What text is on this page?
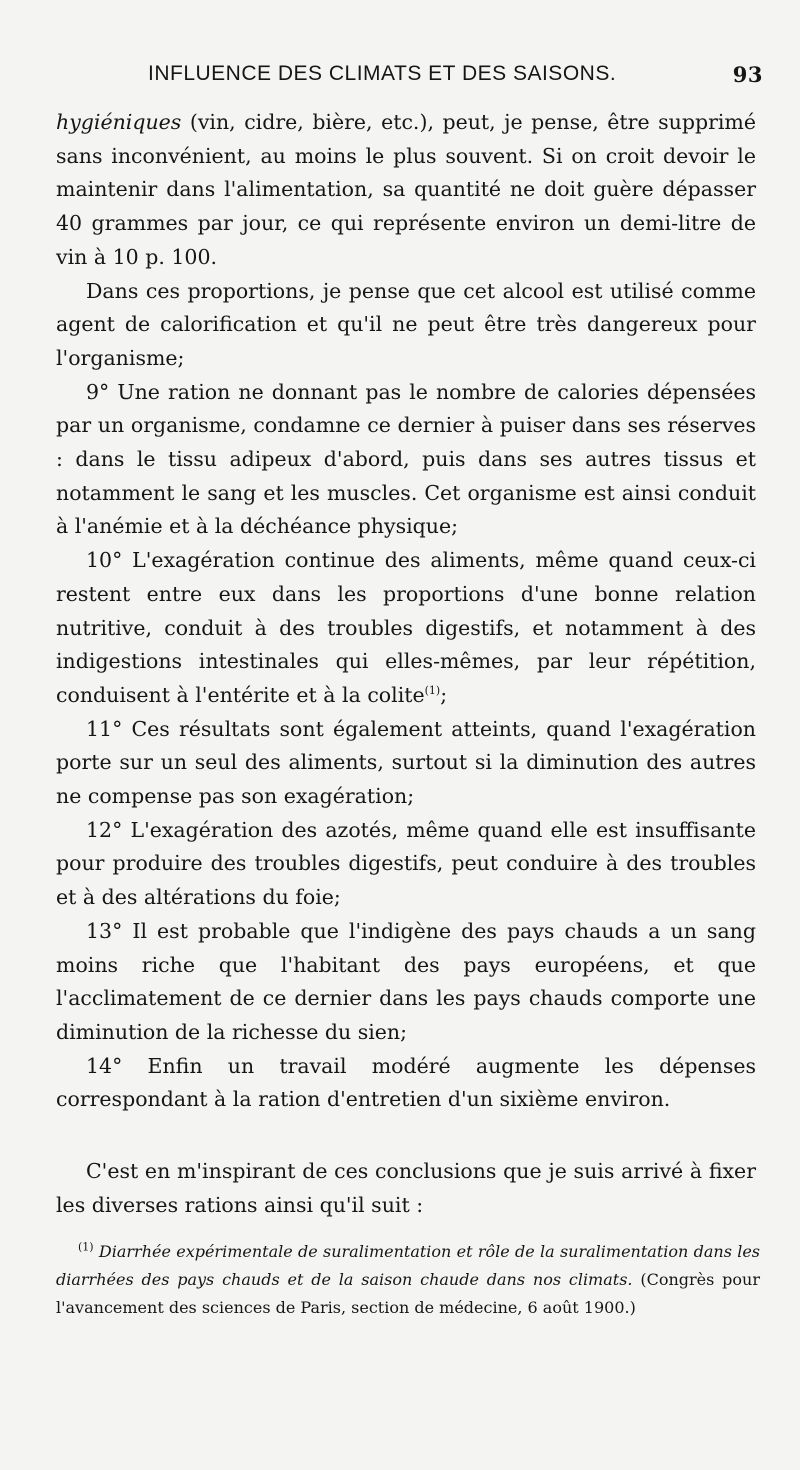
INFLUENCE DES CLIMATS ET DES SAISONS.	93

hygiéniques (vin, cidre, bière, etc.), peut, je pense, être supprimé sans inconvénient, au moins le plus souvent. Si on croit devoir le maintenir dans l'alimentation, sa quantité ne doit guère dépasser 40 grammes par jour, ce qui représente environ un demi-litre de vin à 10 p. 100.

Dans ces proportions, je pense que cet alcool est utilisé comme agent de calorification et qu'il ne peut être très dangereux pour l'organisme;

9° Une ration ne donnant pas le nombre de calories dépensées par un organisme, condamne ce dernier à puiser dans ses réserves : dans le tissu adipeux d'abord, puis dans ses autres tissus et notamment le sang et les muscles. Cet organisme est ainsi conduit à l'anémie et à la déchéance physique;

10° L'exagération continue des aliments, même quand ceux-ci restent entre eux dans les proportions d'une bonne relation nutritive, conduit à des troubles digestifs, et notamment à des indigestions intestinales qui elles-mêmes, par leur répétition, conduisent à l'entérite et à la colite$^{(1)}$;

11° Ces résultats sont également atteints, quand l'exagération porte sur un seul des aliments, surtout si la diminution des autres ne compense pas son exagération;

12° L'exagération des azotés, même quand elle est insuffisante pour produire des troubles digestifs, peut conduire à des troubles et à des altérations du foie;

13° Il est probable que l'indigène des pays chauds a un sang moins riche que l'habitant des pays européens, et que l'acclimatement de ce dernier dans les pays chauds comporte une diminution de la richesse du sien;

14° Enfin un travail modéré augmente les dépenses correspondant à la ration d'entretien d'un sixième environ.

C'est en m'inspirant de ces conclusions que je suis arrivé à fixer les diverses rations ainsi qu'il suit :

$^{(1)}$ Diarrhée expérimentale de suralimentation et rôle de la suralimentation dans les diarrhées des pays chauds et de la saison chaude dans nos climats. (Congrès pour l'avancement des sciences de Paris, section de médecine, 6 août 1900.)
